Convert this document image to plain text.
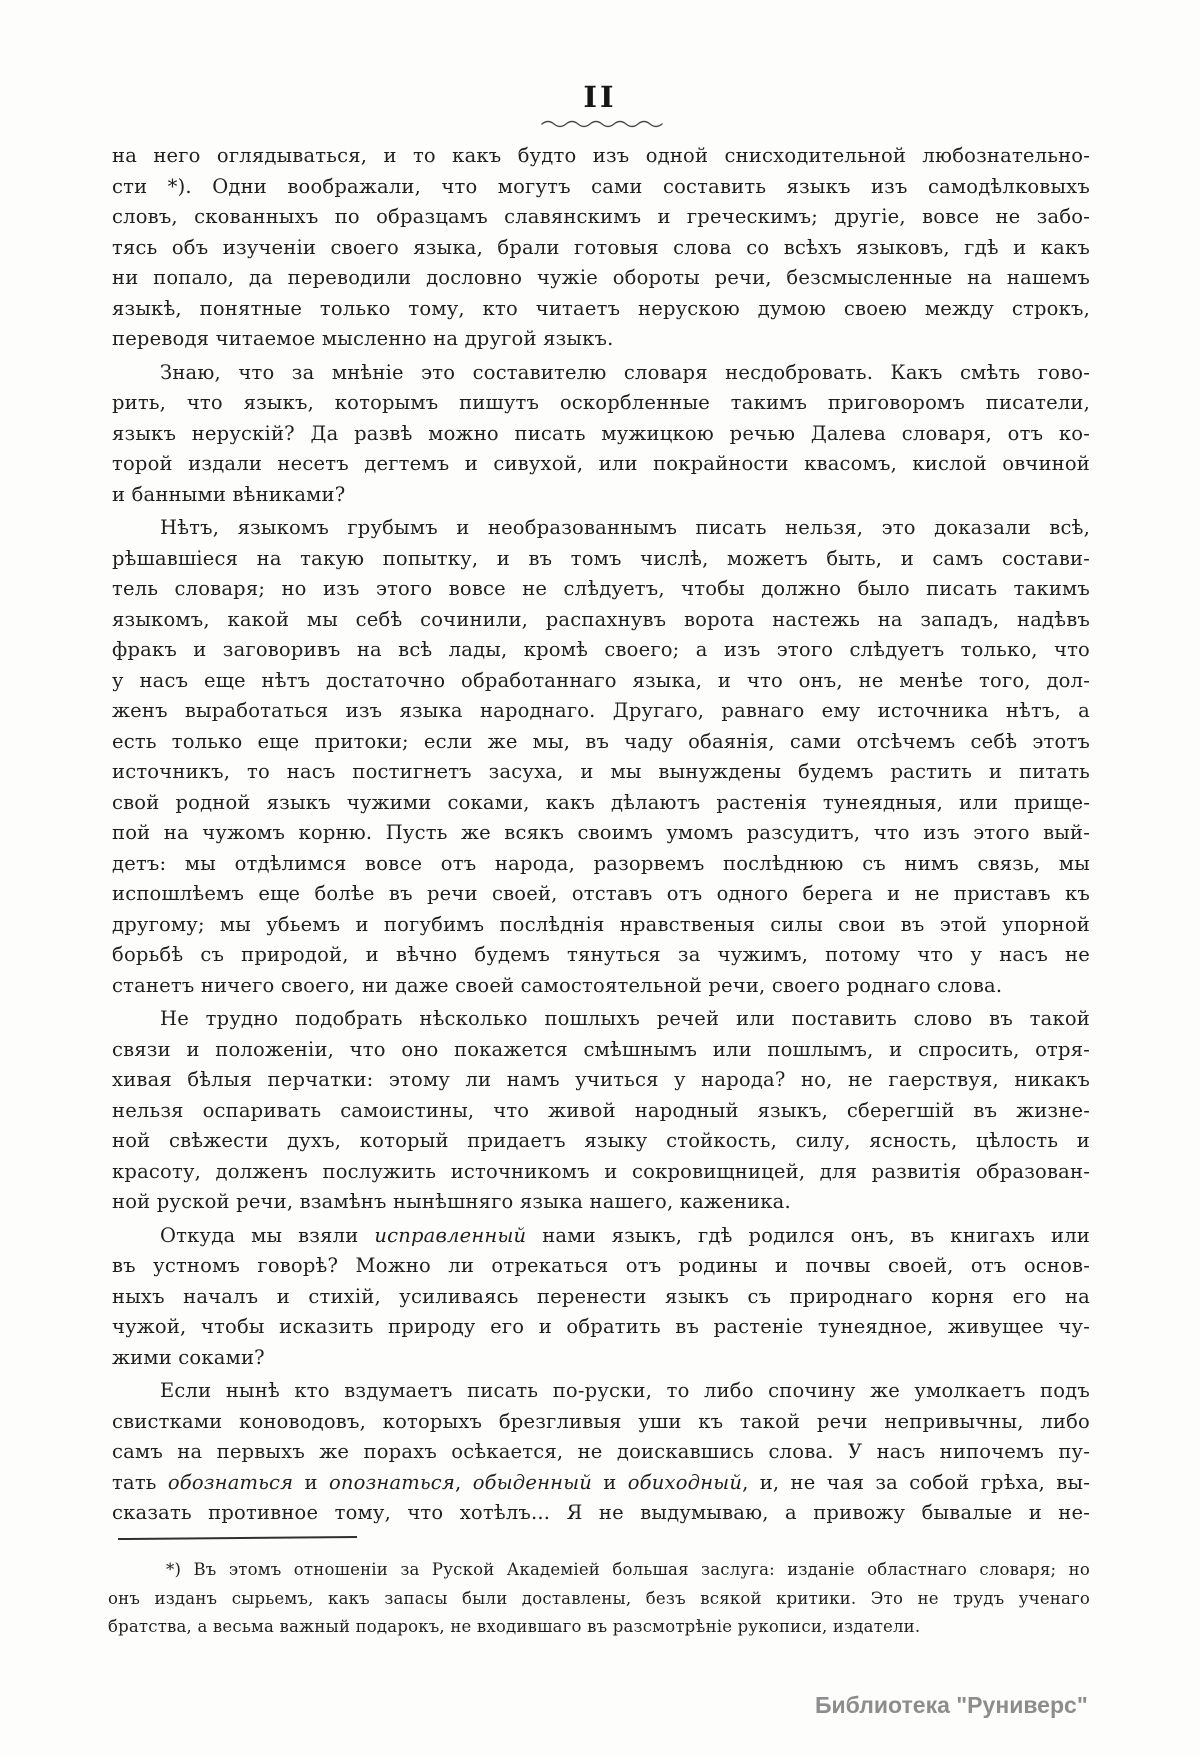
II
на него оглядываться, и то какъ будто изъ одной снисходительной любознательно-
сти *). Одни воображали, что могутъ сами составить языкъ изъ самодѣлковыхъ
словъ, скованныхъ по образцамъ славянскимъ и греческимъ; другіе, вовсе не забо-
тясь объ изученіи своего языка, брали готовыя слова со всѣхъ языковъ, гдѣ и какъ
ни попало, да переводили дословно чужіе обороты речи, безсмысленные на нашемъ
языкѣ, понятные только тому, кто читаетъ нерускою думою своею между строкъ,
переводя читаемое мысленно на другой языкъ.
Знаю, что за мнѣніе это составителю словаря несдобровать. Какъ смѣть гово-
рить, что языкъ, которымъ пишутъ оскорбленные такимъ приговоромъ писатели,
языкъ нерускій? Да развѣ можно писать мужицкою речью Далева словаря, отъ ко-
торой издали несетъ дегтемъ и сивухой, или покрайности квасомъ, кислой овчиной
и банными вѣниками?
Нѣтъ, языкомъ грубымъ и необразованнымъ писать нельзя, это доказали всѣ,
рѣшавшіеся на такую попытку, и въ томъ числѣ, можетъ быть, и самъ состави-
тель словаря; но изъ этого вовсе не слѣдуетъ, чтобы должно было писать такимъ
языкомъ, какой мы себѣ сочинили, распахнувъ ворота настежь на западъ, надѣвъ
фракъ и заговоривъ на всѣ лады, кромѣ своего; а изъ этого слѣдуетъ только, что
у насъ еще нѣтъ достаточно обработаннаго языка, и что онъ, не менѣе того, дол-
женъ выработаться изъ языка народнаго. Другаго, равнаго ему источника нѣтъ, а
есть только еще притоки; если же мы, въ чаду обаянія, сами отсѣчемъ себѣ этотъ
источникъ, то насъ постигнетъ засуха, и мы вынуждены будемъ растить и питать
свой родной языкъ чужими соками, какъ дѣлаютъ растенія тунеядныя, или прище-
пой на чужомъ корню. Пусть же всякъ своимъ умомъ разсудитъ, что изъ этого вый-
детъ: мы отдѣлимся вовсе отъ народа, разорвемъ послѣднюю съ нимъ связь, мы
испошлѣемъ еще болѣе въ речи своей, отставъ отъ одного берега и не приставъ къ
другому; мы убьемъ и погубимъ послѣднія нравственыя силы свои въ этой упорной
борьбѣ съ природой, и вѣчно будемъ тянуться за чужимъ, потому что у насъ не
станетъ ничего своего, ни даже своей самостоятельной речи, своего роднаго слова.
Не трудно подобрать нѣсколько пошлыхъ речей или поставить слово въ такой
связи и положеніи, что оно покажется смѣшнымъ или пошлымъ, и спросить, отря-
хивая бѣлыя перчатки: этому ли намъ учиться у народа? но, не гаерствуя, никакъ
нельзя оспаривать самоистины, что живой народный языкъ, сберегшій въ жизне-
ной свѣжести духъ, который придаетъ языку стойкость, силу, ясность, цѣлость и
красоту, долженъ послужить источникомъ и сокровищницей, для развитія образован-
ной руской речи, взамѣнъ нынѣшняго языка нашего, каженика.
Откуда мы взяли исправленный нами языкъ, гдѣ родился онъ, въ книгахъ или
въ устномъ говорѣ? Можно ли отрекаться отъ родины и почвы своей, отъ основ-
ныхъ началъ и стихій, усиливаясь перенести языкъ съ природнаго корня его на
чужой, чтобы исказить природу его и обратить въ растеніе тунеядное, живущее чу-
жими соками?
Если нынѣ кто вздумаетъ писать по-руски, то либо спочину же умолкаетъ подъ
свистками коноводовъ, которыхъ брезгливыя уши къ такой речи непривычны, либо
самъ на первыхъ же порахъ осѣкается, не доискавшись слова. У насъ нипочемъ пу-
тать обознаться и опознаться, обыденный и обиходный, и, не чая за собой грѣха, вы-
сказать противное тому, что хотѣлъ... Я не выдумываю, а привожу бывалые и не-
*) Въ этомъ отношеніи за Руской Академіей большая заслуга: изданіе областнаго словаря; но
онъ изданъ сырьемъ, какъ запасы были доставлены, безъ всякой критики. Это не трудъ ученаго
братства, а весьма важный подарокъ, не входившаго въ разсмотрѣніе рукописи, издатели.
Библиотека "Руниверс"
